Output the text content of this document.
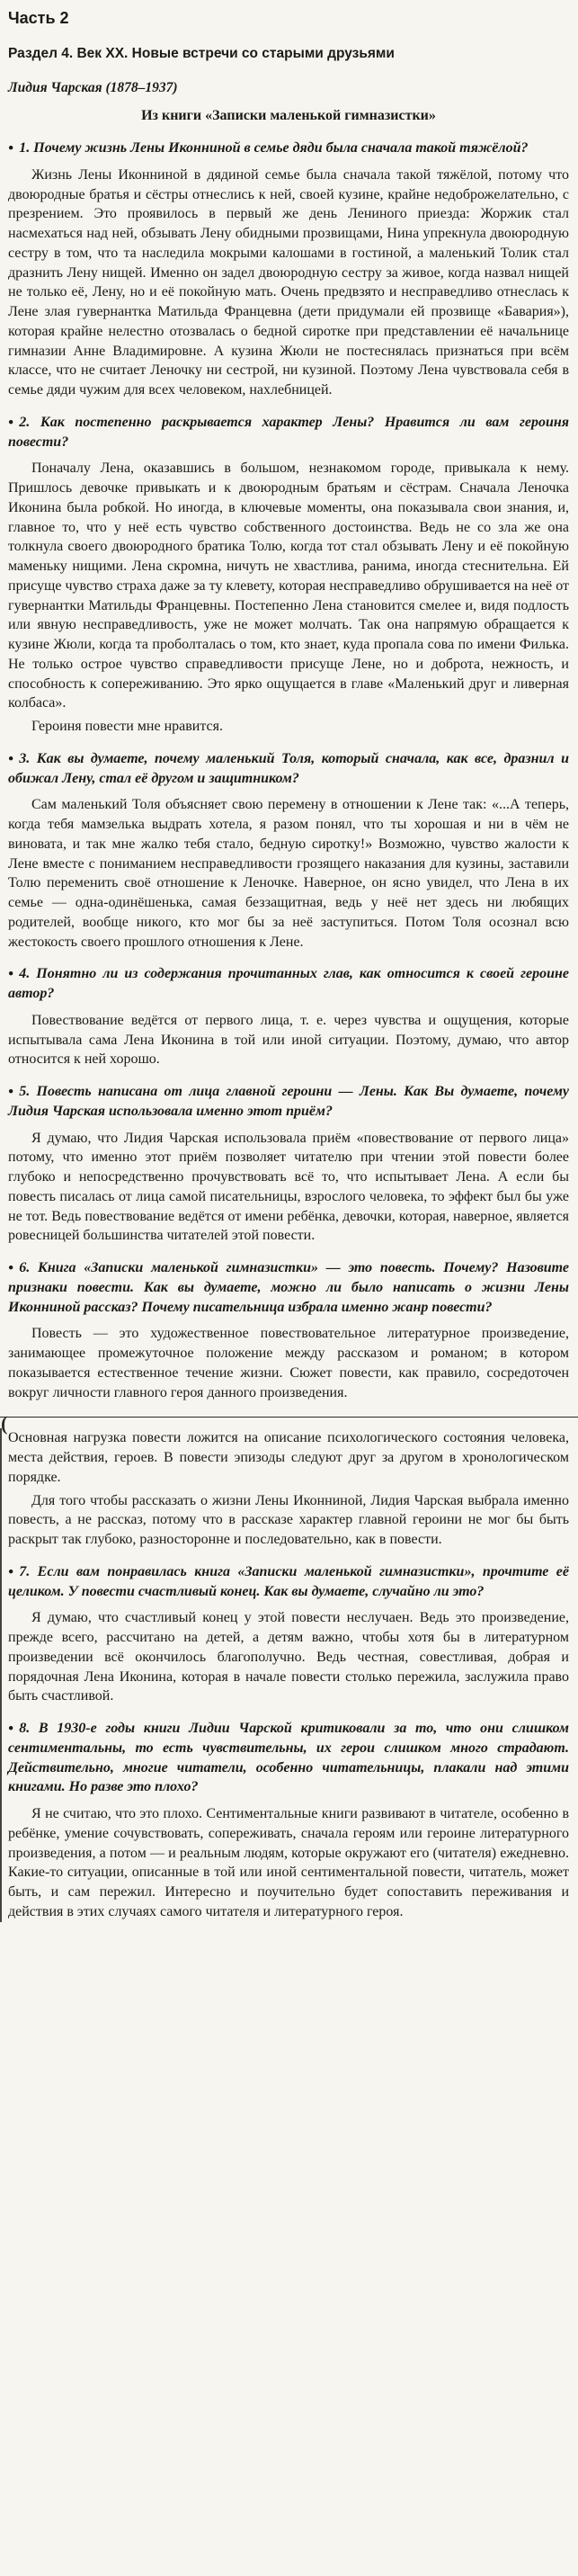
Часть 2
Раздел 4. Век XX. Новые встречи со старыми друзьями

Лидия Чарская (1878–1937)

Из книги «Записки маленькой гимназистки»

● 1. Почему жизнь Лены Иконниной в семье дяди была сначала такой тяжёлой?

Жизнь Лены Иконниной в дядиной семье была сначала такой тяжёлой, потому что двоюродные братья и сёстры отнеслись к ней, своей кузине, крайне недоброжелательно, с презрением. Это проявилось в первый же день Лениного приезда: Жоржик стал насмехаться над ней, обзывать Лену обидными прозвищами, Нина упрекнула двоюродную сестру в том, что та наследила мокрыми калошами в гостиной, а маленький Толик стал дразнить Лену нищей. Именно он задел двоюродную сестру за живое, когда назвал нищей не только её, Лену, но и её покойную мать. Очень предвзято и несправедливо отнеслась к Лене злая гувернантка Матильда Францевна (дети придумали ей прозвище «Бавария»), которая крайне нелестно отозвалась о бедной сиротке при представлении её начальнице гимназии Анне Владимировне. А кузина Жюли не постеснялась признаться при всём классе, что не считает Леночку ни сестрой, ни кузиной. Поэтому Лена чувствовала себя в семье дяди чужим для всех человеком, нахлебницей.

● 2. Как постепенно раскрывается характер Лены? Нравится ли вам героиня повести?

Поначалу Лена, оказавшись в большом, незнакомом городе, привыкала к нему. Пришлось девочке привыкать и к двоюродным братьям и сёстрам. Сначала Леночка Иконина была робкой. Но иногда, в ключевые моменты, она показывала свои знания, и, главное то, что у неё есть чувство собственного достоинства. Ведь не со зла же она толкнула своего двоюродного братика Толю, когда тот стал обзывать Лену и её покойную маменьку нищими. Лена скромна, ничуть не хвастлива, ранима, иногда стеснительна. Ей присуще чувство страха даже за ту клевету, которая несправедливо обрушивается на неё от гувернантки Матильды Францевны. Постепенно Лена становится смелее и, видя подлость или явную несправедливость, уже не может молчать. Так она напрямую обращается к кузине Жюли, когда та проболталась о том, кто знает, куда пропала сова по имени Филька. Не только острое чувство справедливости присуще Лене, но и доброта, нежность, и способность к сопереживанию. Это ярко ощущается в главе «Маленький друг и ливерная колбаса».

Героиня повести мне нравится.

● 3. Как вы думаете, почему маленький Толя, который сначала, как все, дразнил и обижал Лену, стал её другом и защитником?

Сам маленький Толя объясняет свою перемену в отношении к Лене так: «...А теперь, когда тебя мамзелька выдрать хотела, я разом понял, что ты хорошая и ни в чём не виновата, и так мне жалко тебя стало, бедную сиротку!» Возможно, чувство жалости к Лене вместе с пониманием несправедливости грозящего наказания для кузины, заставили Толю переменить своё отношение к Леночке. Наверное, он ясно увидел, что Лена в их семье — одна-одинёшенька, самая беззащитная, ведь у неё нет здесь ни любящих родителей, вообще никого, кто мог бы за неё заступиться. Потом Толя осознал всю жестокость своего прошлого отношения к Лене.

● 4. Понятно ли из содержания прочитанных глав, как относится к своей героине автор?

Повествование ведётся от первого лица, т. е. через чувства и ощущения, которые испытывала сама Лена Иконина в той или иной ситуации. Поэтому, думаю, что автор относится к ней хорошо.

● 5. Повесть написана от лица главной героини — Лены. Как Вы думаете, почему Лидия Чарская использовала именно этот приём?

Я думаю, что Лидия Чарская использовала приём «повествование от первого лица» потому, что именно этот приём позволяет читателю при чтении этой повести более глубоко и непосредственно прочувствовать всё то, что испытывает Лена. А если бы повесть писалась от лица самой писательницы, взрослого человека, то эффект был бы уже не тот. Ведь повествование ведётся от имени ребёнка, девочки, которая, наверное, является ровесницей большинства читателей этой повести.

● 6. Книга «Записки маленькой гимназистки» — это повесть. Почему? Назовите признаки повести. Как вы думаете, можно ли было написать о жизни Лены Иконниной рассказ? Почему писательница избрала именно жанр повести?

Повесть — это художественное повествовательное литературное произведение, занимающее промежуточное положение между рассказом и романом; в котором показывается естественное течение жизни. Сюжет повести, как правило, сосредоточен вокруг личности главного героя данного произведения.

(

Основная нагрузка повести ложится на описание психологического состояния человека, места действия, героев. В повести эпизоды следуют друг за другом в хронологическом порядке.

Для того чтобы рассказать о жизни Лены Иконниной, Лидия Чарская выбрала именно повесть, а не рассказ, потому что в рассказе характер главной героини не мог бы быть раскрыт так глубоко, разносторонне и последовательно, как в повести.

● 7. Если вам понравилась книга «Записки маленькой гимназистки», прочтите её целиком. У повести счастливый конец. Как вы думаете, случайно ли это?

Я думаю, что счастливый конец у этой повести неслучаен. Ведь это произведение, прежде всего, рассчитано на детей, а детям важно, чтобы хотя бы в литературном произведении всё окончилось благополучно. Ведь честная, совестливая, добрая и порядочная Лена Иконина, которая в начале повести столько пережила, заслужила право быть счастливой.

● 8. В 1930-е годы книги Лидии Чарской критиковали за то, что они слишком сентиментальны, то есть чувствительны, их герои слишком много страдают. Действительно, многие читатели, особенно читательницы, плакали над этими книгами. Но разве это плохо?

Я не считаю, что это плохо. Сентиментальные книги развивают в читателе, особенно в ребёнке, умение сочувствовать, сопереживать, сначала героям или героине литературного произведения, а потом — и реальным людям, которые окружают его (читателя) ежедневно. Какие-то ситуации, описанные в той или иной сентиментальной повести, читатель, может быть, и сам пережил. Интересно и поучительно будет сопоставить переживания и действия в этих случаях самого читателя и литературного героя.
